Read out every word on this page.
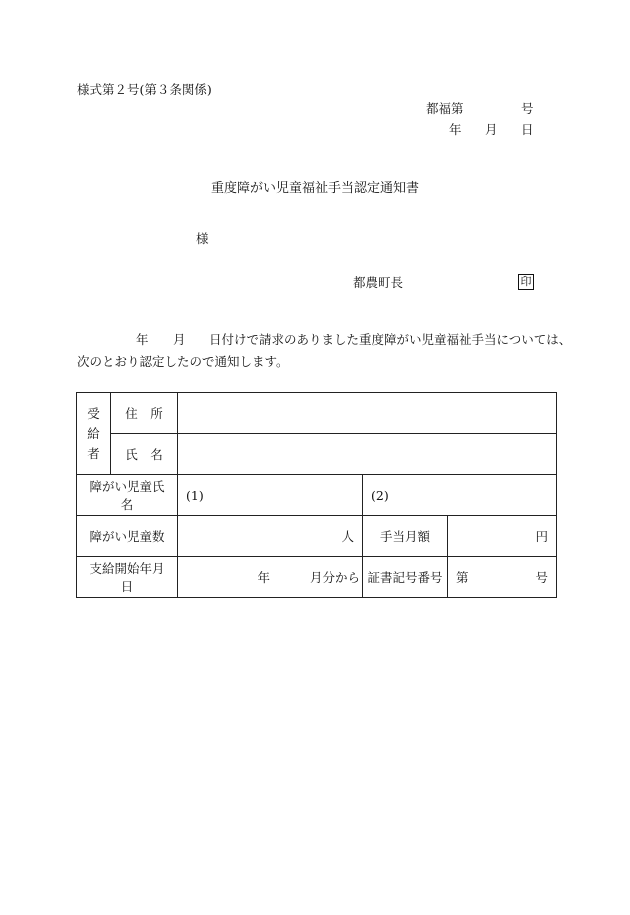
様式第２号(第３条関係)
都福第	号
年 月 日
重度障がい児童福祉手当認定通知書
様
都農町長	印
年 月 日付けで請求のありました重度障がい児童福祉手当については、
次のとおり認定したので通知します。
受
給
者	住　所			
	氏　名			
障がい児童氏名		(1)	(2)	
障がい児童数		人	手当月額	円
支給開始年月日		年 月分から	証書記号番号	第 号
